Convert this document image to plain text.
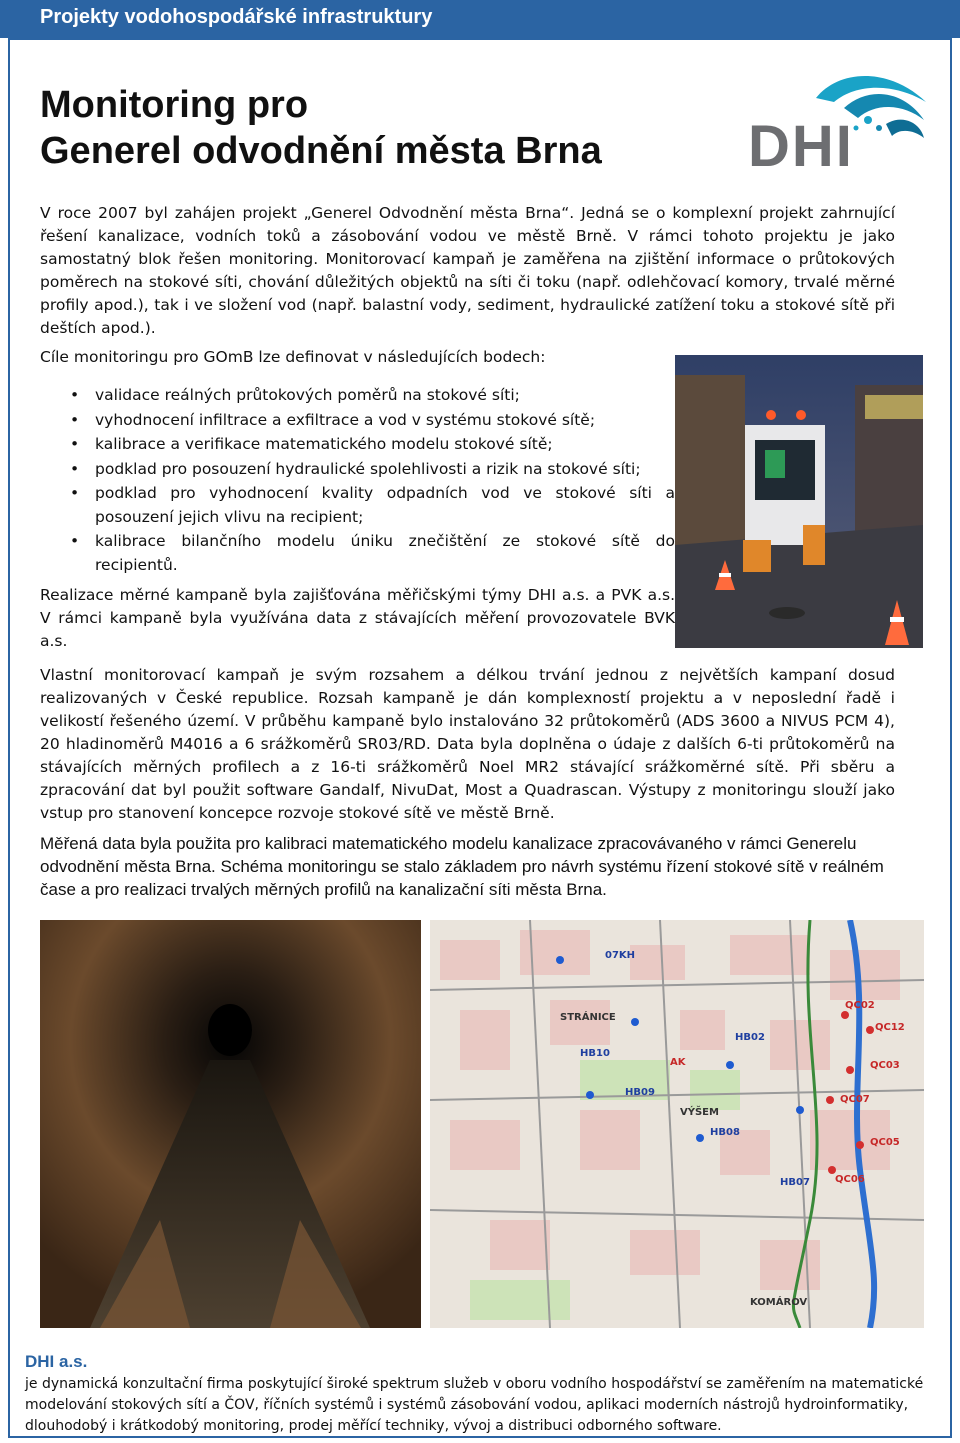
Projekty vodohospodářské infrastruktury
Monitoring pro
Generel odvodnění města Brna	DHI

V roce 2007 byl zahájen projekt „Generel Odvodnění města Brna“. Jedná se o komplexní projekt zahrnující řešení kanalizace, vodních toků a zásobování vodou ve městě Brně. V rámci tohoto projektu je jako samostatný blok řešen monitoring. Monitorovací kampaň je zaměřena na zjištění informace o průtokových poměrech na stokové síti, chování důležitých objektů na síti či toku (např. odlehčovací komory, trvalé měrné profily apod.), tak i ve složení vod (např. balastní vody, sediment, hydraulické zatížení toku a stokové sítě při deštích apod.).

Cíle monitoringu pro GOmB lze definovat v následujících bodech:

• validace reálných průtokových poměrů na stokové síti;
• vyhodnocení infiltrace a exfiltrace a vod v systému stokové sítě;
• kalibrace a verifikace matematického modelu stokové sítě;
• podklad pro posouzení hydraulické spolehlivosti a rizik na stokové síti;
• podklad pro vyhodnocení kvality odpadních vod ve stokové síti a posouzení jejich vlivu na recipient;
• kalibrace bilančního modelu úniku znečištění ze stokové sítě do recipientů.

Realizace měrné kampaně byla zajišťována měřičskými týmy DHI a.s. a PVK a.s. V rámci kampaně byla využívána data z stávajících měření provozovatele BVK a.s.

Vlastní monitorovací kampaň je svým rozsahem a délkou trvání jednou z největších kampaní dosud realizovaných v České republice. Rozsah kampaně je dán komplexností projektu a v neposlední řadě i velikostí řešeného území. V průběhu kampaně bylo instalováno 32 průtokoměrů (ADS 3600 a NIVUS PCM 4), 20 hladinoměrů M4016 a 6 srážkoměrů SR03/RD. Data byla doplněna o údaje z dalších 6-ti průtokoměrů na stávajících měrných profilech a z 16-ti srážkoměrů Noel MR2 stávající srážkoměrné sítě. Při sběru a zpracování dat byl použit software Gandalf, NivuDat, Most a Quadrascan. Výstupy z monitoringu slouží jako vstup pro stanovení koncepce rozvoje stokové sítě ve městě Brně.

Měřená data byla použita pro kalibraci matematického modelu kanalizace zpracovávaného v rámci Generelu odvodnění města Brna. Schéma monitoringu se stalo základem pro návrh systému řízení stokové sítě v reálném čase a pro realizaci trvalých měrných profilů na kanalizační síti města Brna.

07KH
HB10
HB09
QC02
QC12
HB02
QC03
HB08
QC07
QC05
HB07	QC06
STRÁNICE
VÝŠEM
KOMÁROV
AK
DHI a.s.
je dynamická konzultační firma poskytující široké spektrum služeb v oboru vodního hospodářství se zaměřením na matematické modelování stokových sítí a ČOV, říčních systémů i systémů zásobování vodou, aplikaci moderních nástrojů hydroinformatiky, dlouhodobý i krátkodobý monitoring, prodej měřící techniky, vývoj a distribuci odborného software.
